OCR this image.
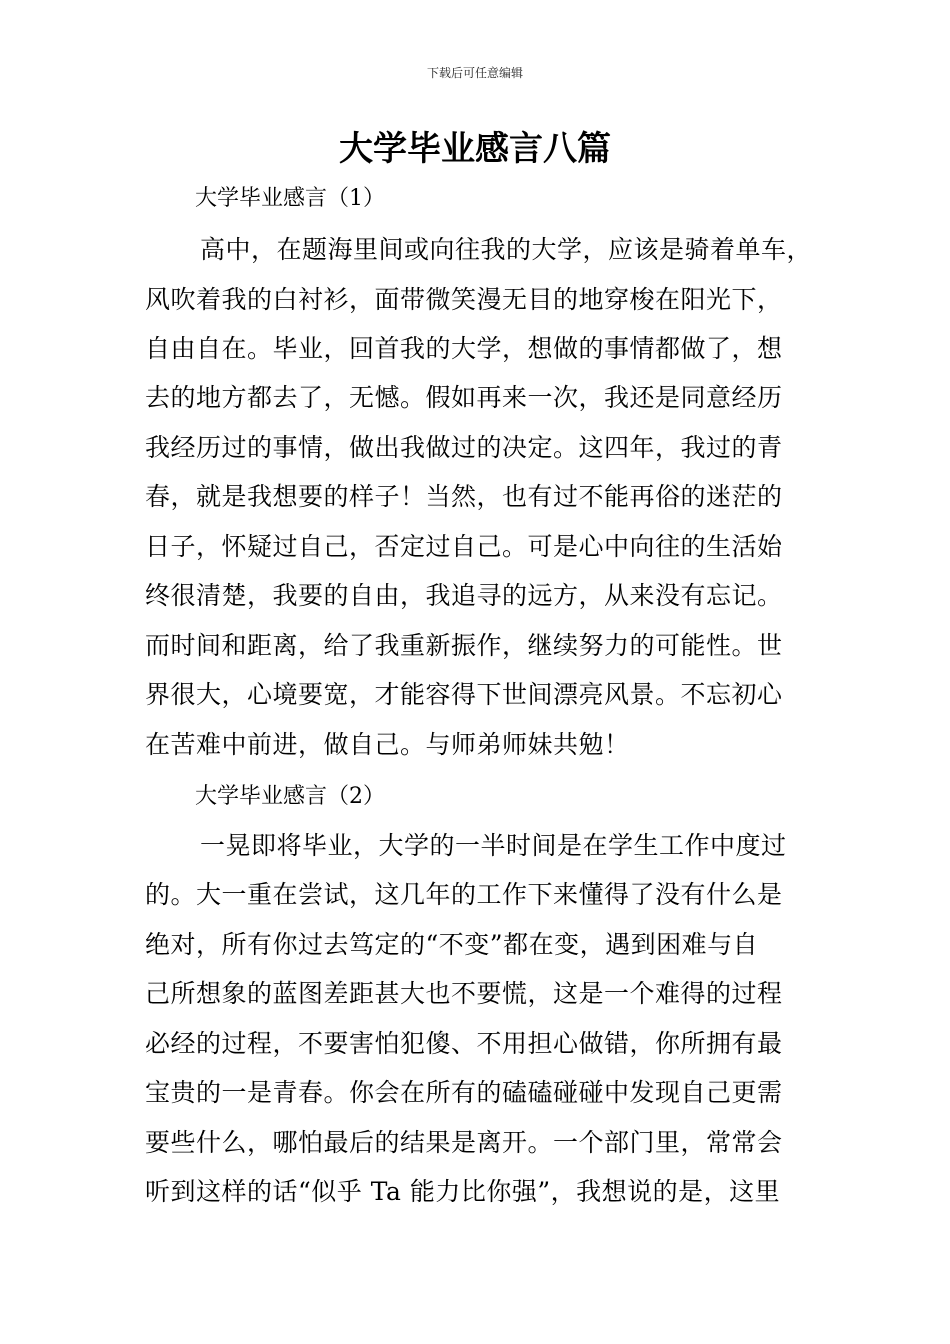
下载后可任意编辑
大学毕业感言八篇
大学毕业感言（1）
高中，在题海里间或向往我的大学，应该是骑着单车，
风吹着我的白衬衫，面带微笑漫无目的地穿梭在阳光下，
自由自在。毕业，回首我的大学，想做的事情都做了，想
去的地方都去了，无憾。假如再来一次，我还是同意经历
我经历过的事情，做出我做过的决定。这四年，我过的青
春，就是我想要的样子！当然，也有过不能再俗的迷茫的
日子，怀疑过自己，否定过自己。可是心中向往的生活始
终很清楚，我要的自由，我追寻的远方，从来没有忘记。
而时间和距离，给了我重新振作，继续努力的可能性。世
界很大，心境要宽，才能容得下世间漂亮风景。不忘初心
在苦难中前进，做自己。与师弟师妹共勉！
大学毕业感言（2）
一晃即将毕业，大学的一半时间是在学生工作中度过
的。大一重在尝试，这几年的工作下来懂得了没有什么是
绝对，所有你过去笃定的“不变”都在变，遇到困难与自
己所想象的蓝图差距甚大也不要慌，这是一个难得的过程
必经的过程，不要害怕犯傻、不用担心做错，你所拥有最
宝贵的一是青春。你会在所有的磕磕碰碰中发现自己更需
要些什么，哪怕最后的结果是离开。一个部门里，常常会
听到这样的话“似乎 Ta 能力比你强”，我想说的是，这里
